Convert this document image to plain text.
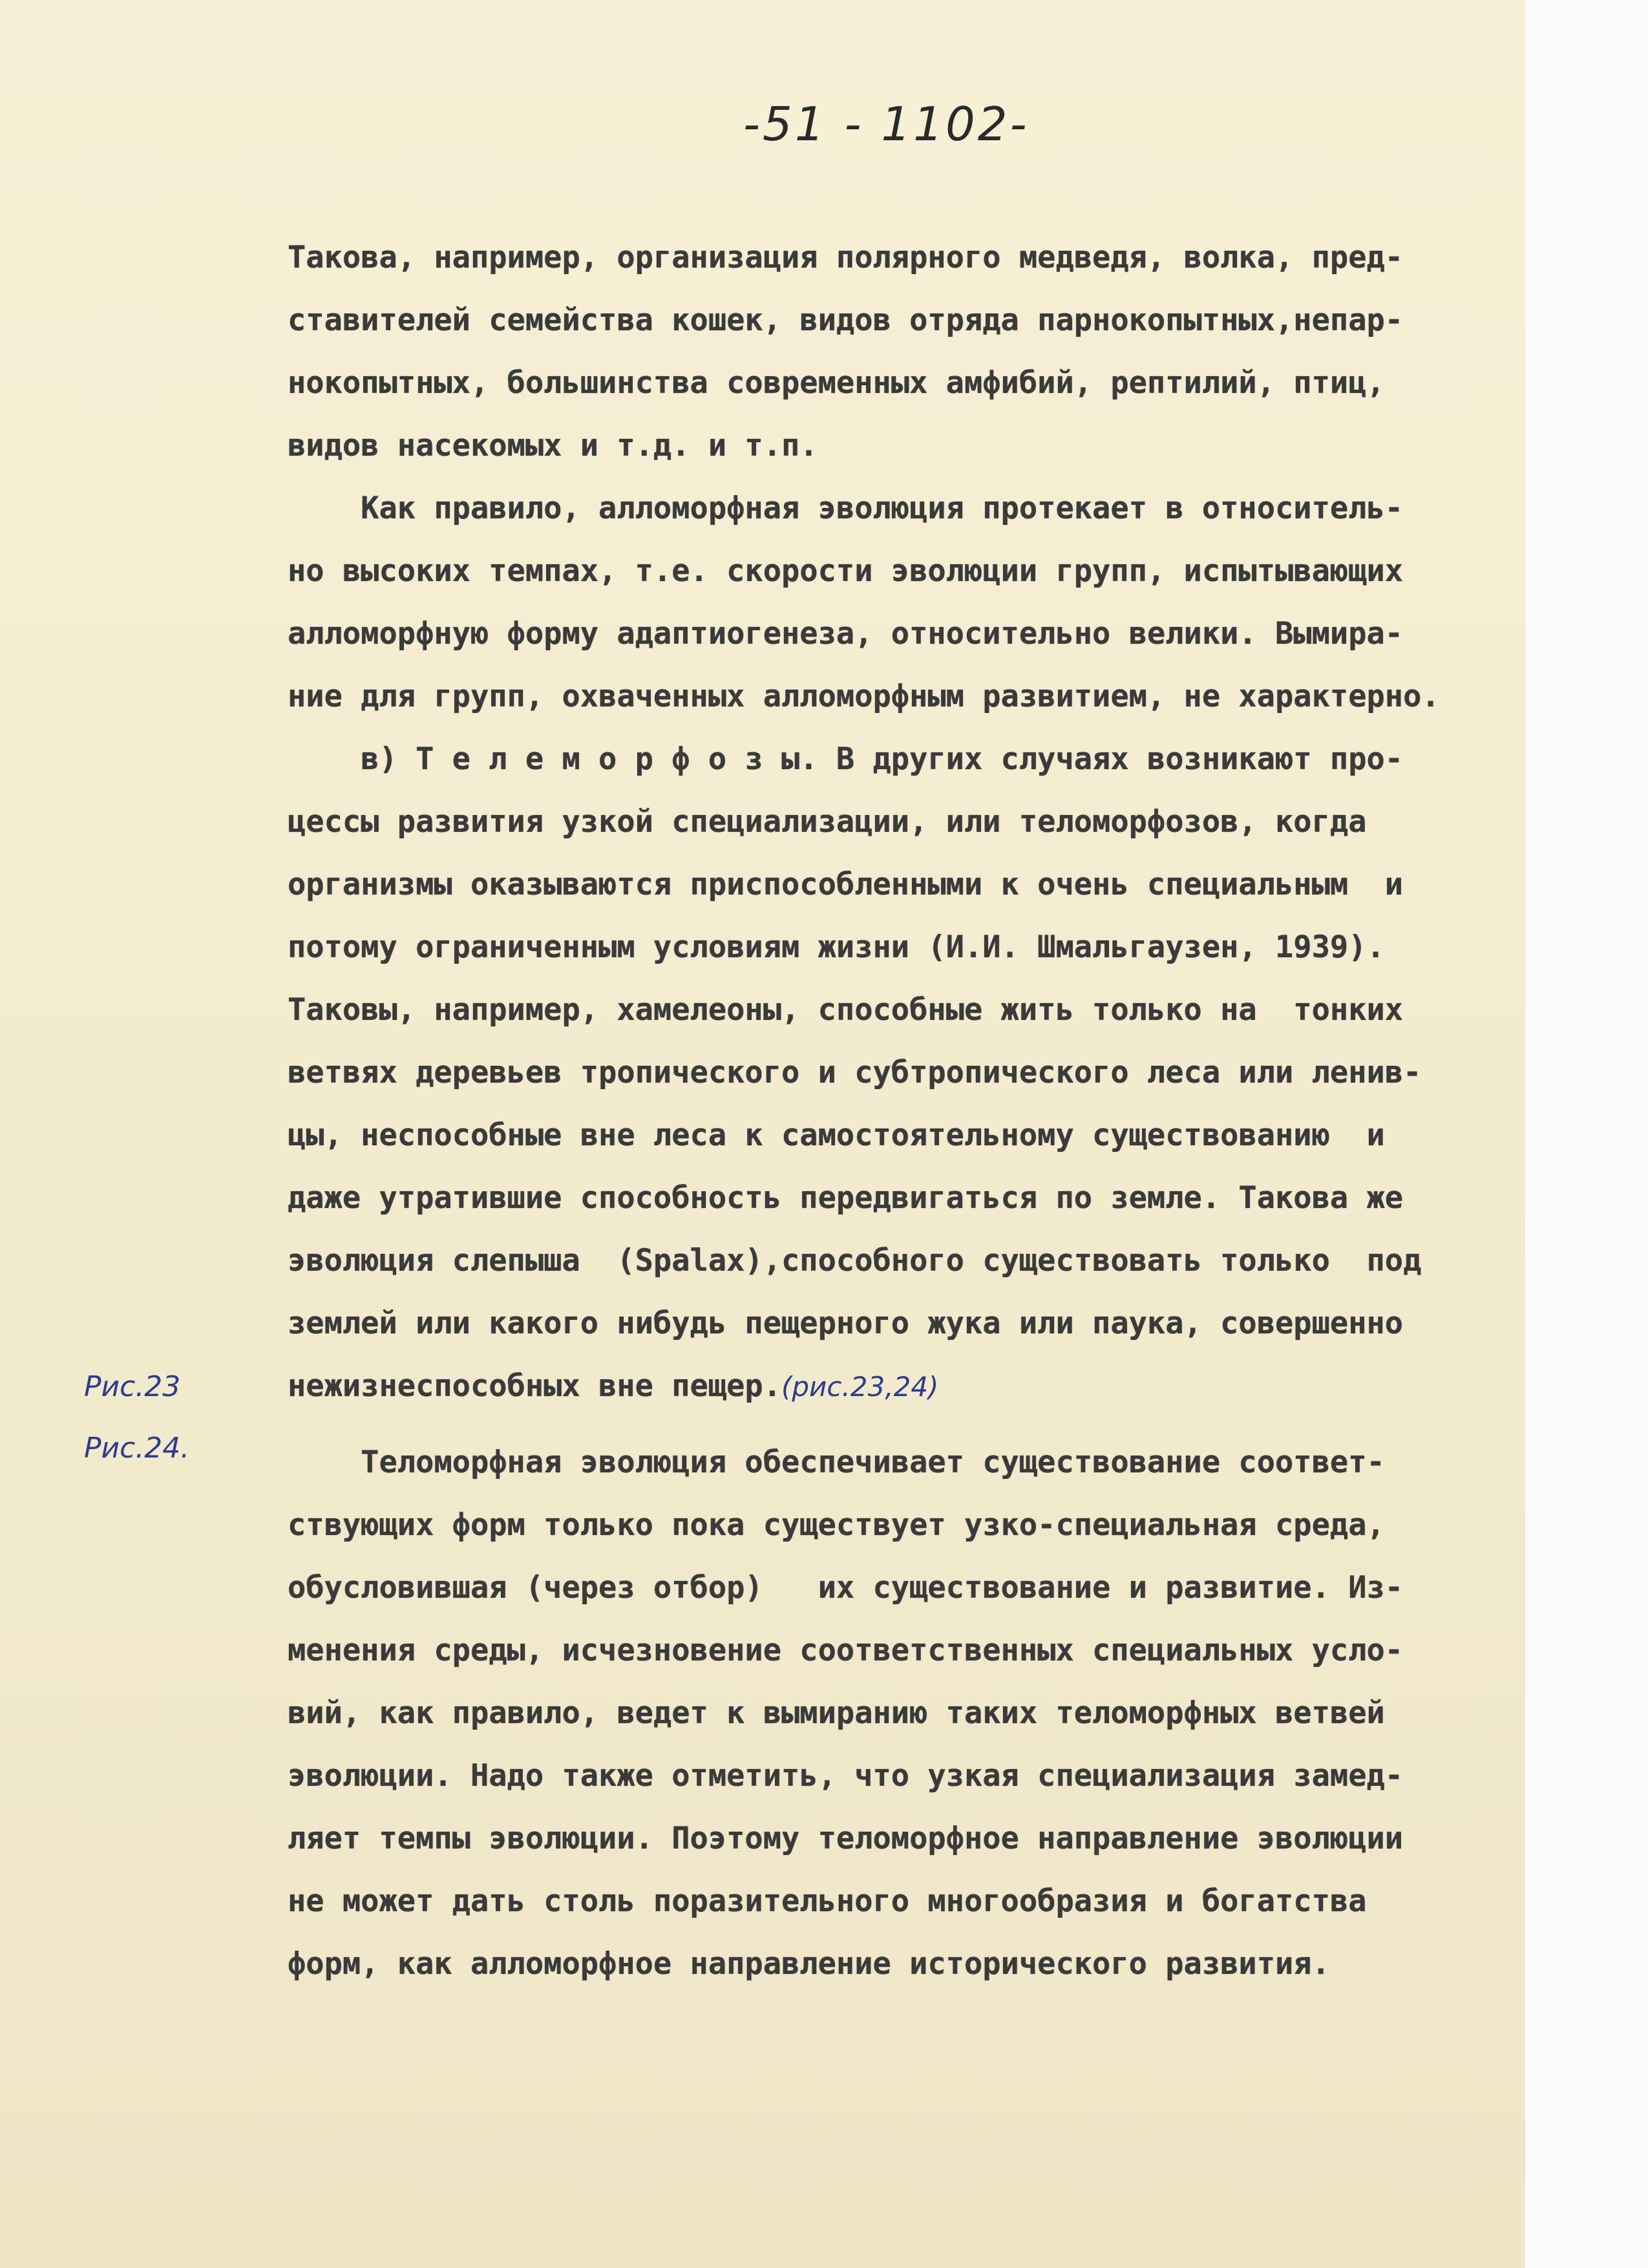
-51 - 1102-
Такова, например, организация полярного медведя, волка, пред-
ставителей семейства кошек, видов отряда парнокопытных,непар-
нокопытных, большинства современных амфибий, рептилий, птиц,
видов насекомых и т.д. и т.п.
Как правило, алломорфная эволюция протекает в относитель-
но высоких темпах, т.е. скорости эволюции групп, испытывающих
алломорфную форму адаптиогенеза, относительно велики. Вымира-
ние для групп, охваченных алломорфным развитием, не характерно.
в) Т е л е м о р ф о з ы. В других случаях возникают про-
цессы развития узкой специализации, или теломорфозов, когда
организмы оказываются приспособленными к очень специальным  и
потому ограниченным условиям жизни (И.И. Шмальгаузен, 1939).
Таковы, например, хамелеоны, способные жить только на  тонких
ветвях деревьев тропического и субтропического леса или ленив-
цы, неспособные вне леса к самостоятельному существованию  и
даже утратившие способность передвигаться по земле. Такова же
эволюция слепыша  (Spalax),способного существовать только  под
землей или какого нибудь пещерного жука или паука, совершенно
нежизнеспособных вне пещер.(рис.23,24)
Теломорфная эволюция обеспечивает существование соответ-
ствующих форм только пока существует узко-специальная среда,
обусловившая (через отбор)   их существование и развитие. Из-
менения среды, исчезновение соответственных специальных усло-
вий, как правило, ведет к вымиранию таких теломорфных ветвей
эволюции. Надо также отметить, что узкая специализация замед-
ляет темпы эволюции. Поэтому теломорфное направление эволюции
не может дать столь поразительного многообразия и богатства
форм, как алломорфное направление исторического развития.
Рис.23
Рис.24.
